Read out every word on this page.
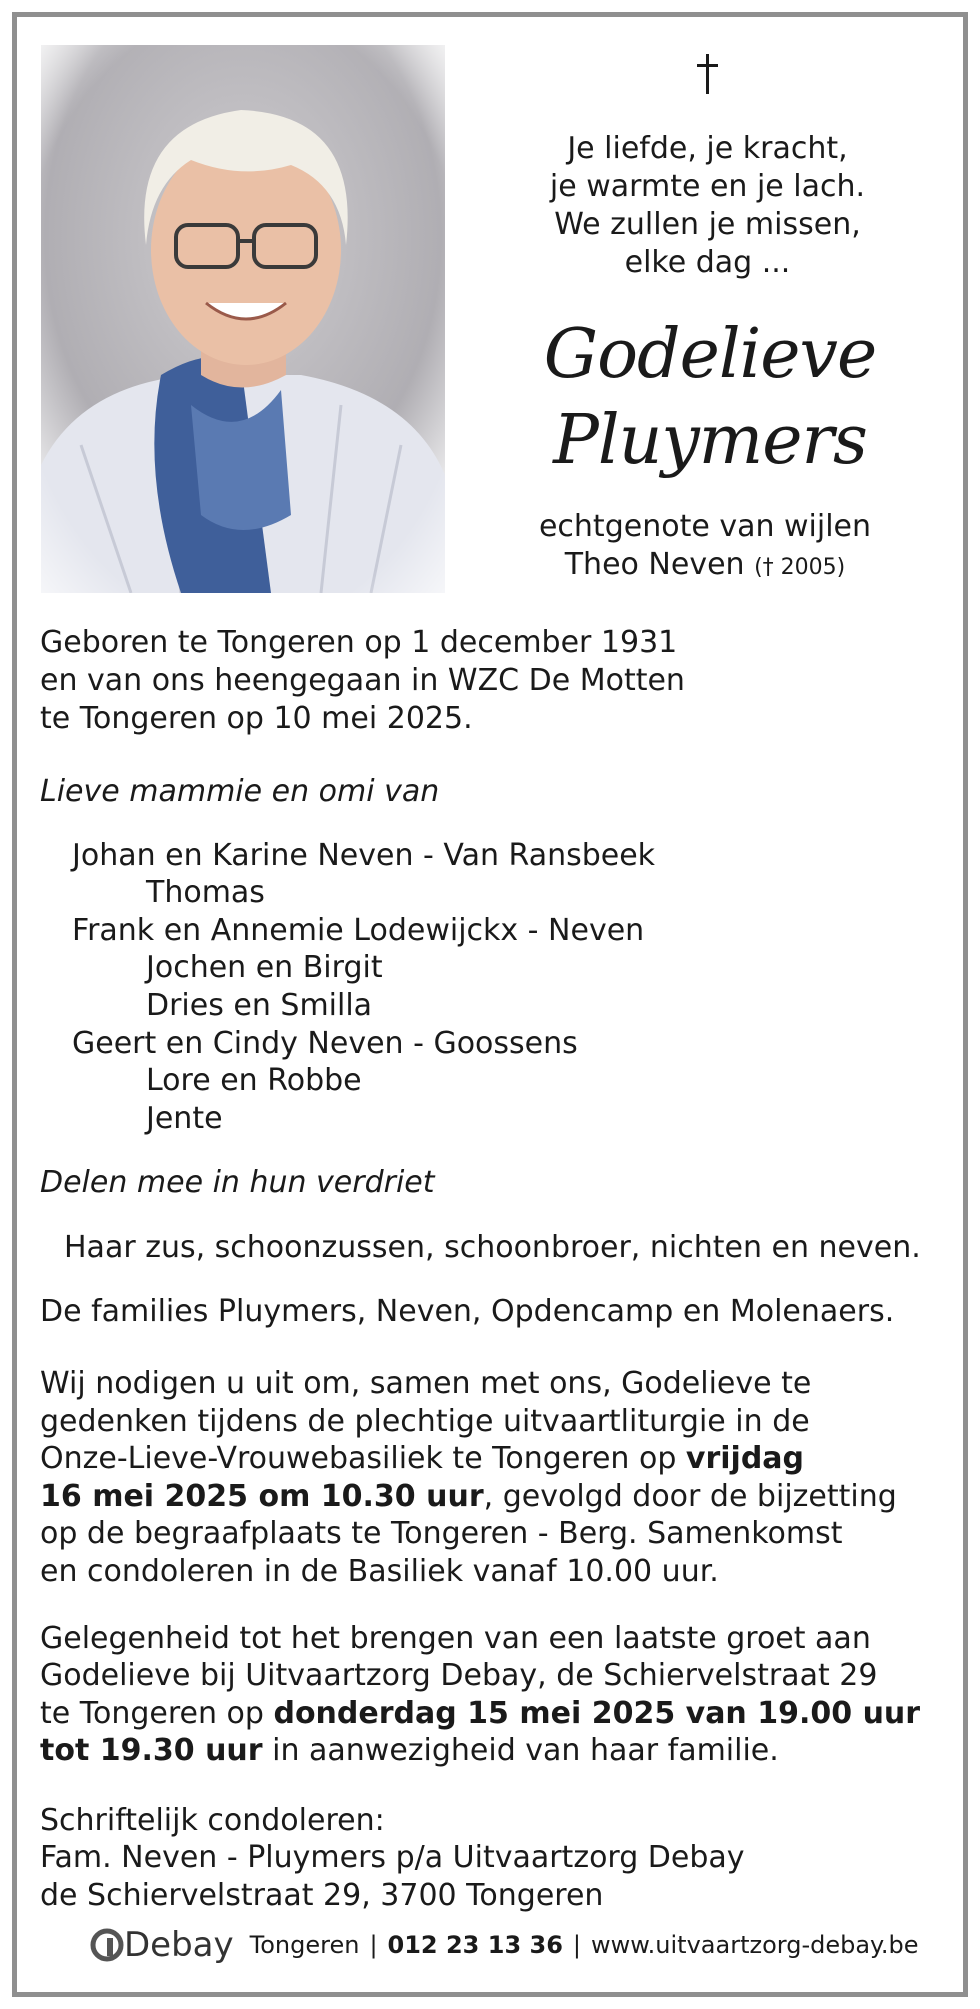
Je liefde, je kracht,
je warmte en je lach.
We zullen je missen,
elke dag ...
Godelieve
Pluymers
echtgenote van wijlen
Theo Neven († 2005)
Geboren te Tongeren op 1 december 1931
en van ons heengegaan in WZC De Motten
te Tongeren op 10 mei 2025.
Lieve mammie en omi van
Johan en Karine Neven - Van Ransbeek
Thomas
Frank en Annemie Lodewijckx - Neven
Jochen en Birgit
Dries en Smilla
Geert en Cindy Neven - Goossens
Lore en Robbe
Jente
Delen mee in hun verdriet
Haar zus, schoonzussen, schoonbroer, nichten en neven.
De families Pluymers, Neven, Opdencamp en Molenaers.
Wij nodigen u uit om, samen met ons, Godelieve te
gedenken tijdens de plechtige uitvaartliturgie in de
Onze-Lieve-Vrouwebasiliek te Tongeren op vrijdag
16 mei 2025 om 10.30 uur, gevolgd door de bijzetting
op de begraafplaats te Tongeren - Berg. Samenkomst
en condoleren in de Basiliek vanaf 10.00 uur.
Gelegenheid tot het brengen van een laatste groet aan
Godelieve bij Uitvaartzorg Debay, de Schiervelstraat 29
te Tongeren op donderdag 15 mei 2025 van 19.00 uur
tot 19.30 uur in aanwezigheid van haar familie.
Schriftelijk condoleren:
Fam. Neven - Pluymers p/a Uitvaartzorg Debay
de Schiervelstraat 29, 3700 Tongeren
Debay Tongeren | 012 23 13 36 | www.uitvaartzorg-debay.be
